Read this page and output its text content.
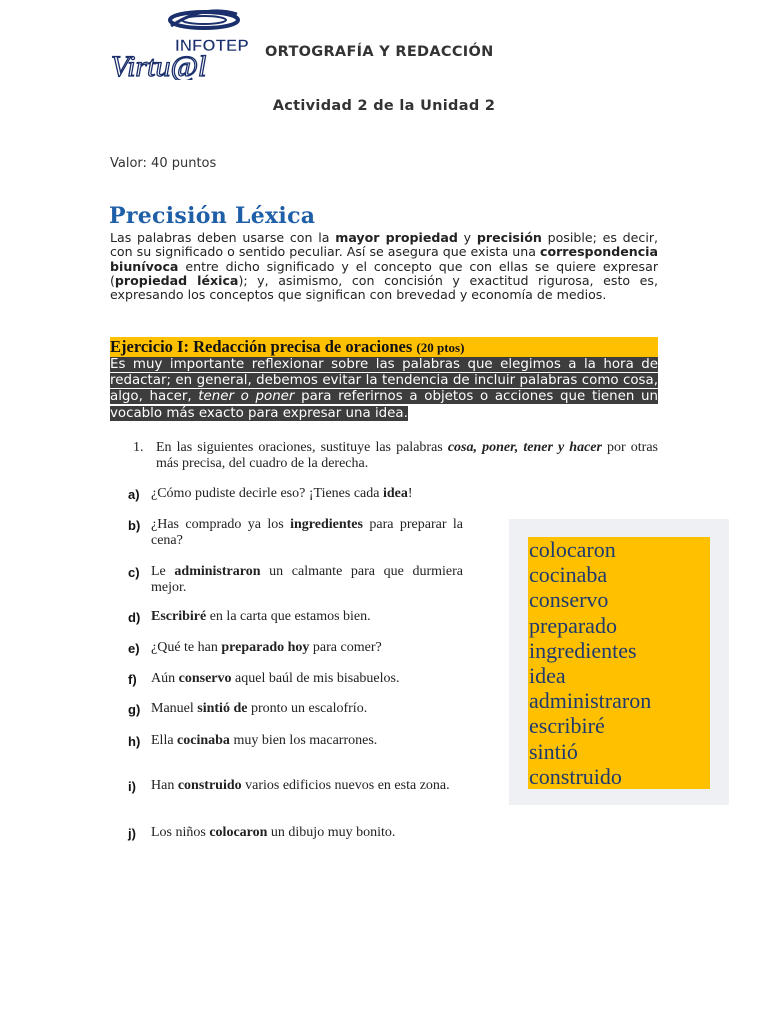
INFOTEP
Virtu@l	ORTOGRAFÍA Y REDACCIÓN
Actividad 2 de la Unidad 2
Valor: 40 puntos
Precisión Léxica
Las palabras deben usarse con la mayor propiedad y precisión posible; es decir, con su significado o sentido peculiar. Así se asegura que exista una correspondencia biunívoca entre dicho significado y el concepto que con ellas se quiere expresar (propiedad léxica); y, asimismo, con concisión y exactitud rigurosa, esto es, expresando los conceptos que significan con brevedad y economía de medios.
Ejercicio I: Redacción precisa de oraciones (20 ptos)
Es muy importante reflexionar sobre las palabras que elegimos a la hora de redactar; en general, debemos evitar la tendencia de incluir palabras como cosa, algo, hacer, tener o poner para referirnos a objetos o acciones que tienen un vocablo más exacto para expresar una idea.
1. En las siguientes oraciones, sustituye las palabras cosa, poner, tener y hacer por otras más precisa, del cuadro de la derecha.
a) ¿Cómo pudiste decirle eso? ¡Tienes cada idea!
b) ¿Has comprado ya los ingredientes para preparar la cena?
c) Le administraron un calmante para que durmiera mejor.
d) Escribiré en la carta que estamos bien.
e) ¿Qué te han preparado hoy para comer?
f) Aún conservo aquel baúl de mis bisabuelos.
g) Manuel sintió de pronto un escalofrío.
h) Ella cocinaba muy bien los macarrones.
i) Han construido varios edificios nuevos en esta zona.
j) Los niños colocaron un dibujo muy bonito.
colocaron
cocinaba
conservo
preparado
ingredientes
idea
administraron
escribiré
sintió
construido
